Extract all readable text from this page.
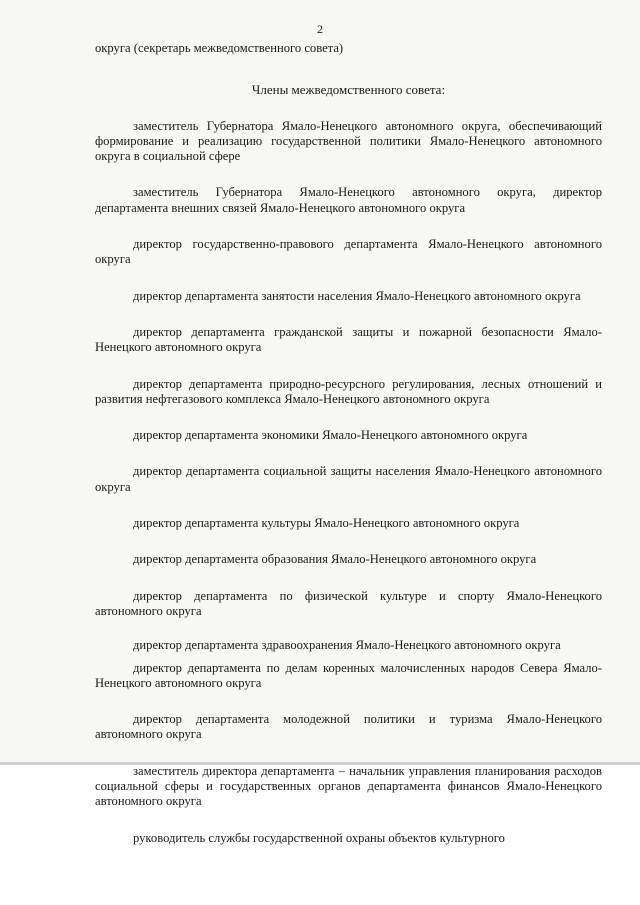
2

округа (секретарь межведомственного совета)

Члены межведомственного совета:

заместитель Губернатора Ямало-Ненецкого автономного округа, обеспечивающий формирование и реализацию государственной политики Ямало-Ненецкого автономного округа в социальной сфере

заместитель Губернатора Ямало-Ненецкого автономного округа, директор департамента внешних связей Ямало-Ненецкого автономного округа

директор государственно-правового департамента Ямало-Ненецкого автономного округа

директор департамента занятости населения Ямало-Ненецкого автономного округа

директор департамента гражданской защиты и пожарной безопасности Ямало-Ненецкого автономного округа

директор департамента природно-ресурсного регулирования, лесных отношений и развития нефтегазового комплекса Ямало-Ненецкого автономного округа

директор департамента экономики Ямало-Ненецкого автономного округа

директор департамента социальной защиты населения Ямало-Ненецкого автономного округа

директор департамента культуры Ямало-Ненецкого автономного округа

директор департамента образования Ямало-Ненецкого автономного округа

директор департамента по физической культуре и спорту Ямало-Ненецкого автономного округа

директор департамента здравоохранения Ямало-Ненецкого автономного округа

директор департамента по делам коренных малочисленных народов Севера Ямало-Ненецкого автономного округа

директор департамента молодежной политики и туризма Ямало-Ненецкого автономного округа

заместитель директора департамента – начальник управления планирования расходов социальной сферы и государственных органов департамента финансов Ямало-Ненецкого автономного округа

руководитель службы государственной охраны объектов культурного
